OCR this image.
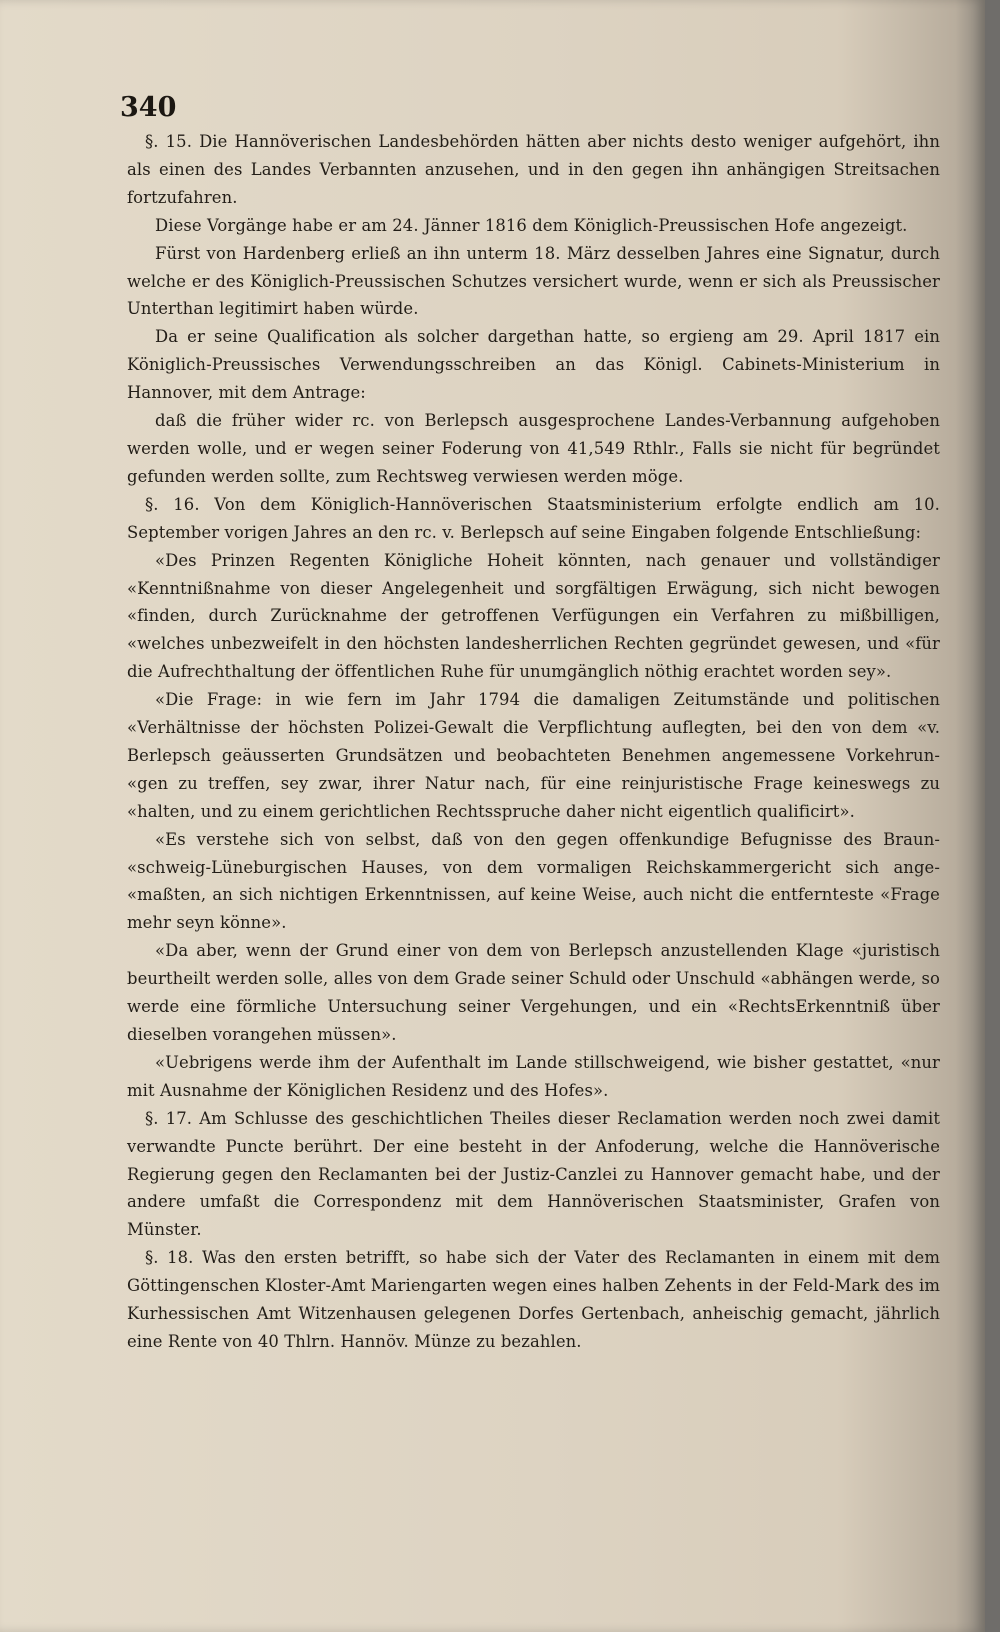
340

§. 15. Die Hannöverischen Landesbehörden hätten aber nichts desto weniger aufgehört, ihn als einen des Landes Verbannten anzusehen, und in den gegen ihn anhängigen Streitsachen fortzufahren.

Diese Vorgänge habe er am 24. Jänner 1816 dem Königlich-Preussischen Hofe angezeigt.

Fürst von Hardenberg erließ an ihn unterm 18. März desselben Jahres eine Signatur, durch welche er des Königlich-Preussischen Schutzes versichert wurde, wenn er sich als Preussischer Unterthan legitimirt haben würde.

Da er seine Qualification als solcher dargethan hatte, so ergieng am 29. April 1817 ein Königlich-Preussisches Verwendungsschreiben an das Königl. Cabinets-Ministerium in Hannover, mit dem Antrage:

daß die früher wider rc. von Berlepsch ausgesprochene Landes-Verbannung aufgehoben werden wolle, und er wegen seiner Foderung von 41,549 Rthlr., Falls sie nicht für begründet gefunden werden sollte, zum Rechtsweg verwiesen werden möge.

§. 16. Von dem Königlich-Hannöverischen Staatsministerium erfolgte endlich am 10. September vorigen Jahres an den rc. v. Berlepsch auf seine Eingaben folgende Entschließung:

«Des Prinzen Regenten Königliche Hoheit könnten, nach genauer und vollständiger «Kenntnißnahme von dieser Angelegenheit und sorgfältigen Erwägung, sich nicht bewogen «finden, durch Zurücknahme der getroffenen Verfügungen ein Verfahren zu mißbilligen, «welches unbezweifelt in den höchsten landesherrlichen Rechten gegründet gewesen, und «für die Aufrechthaltung der öffentlichen Ruhe für unumgänglich nöthig erachtet worden sey».

«Die Frage: in wie fern im Jahr 1794 die damaligen Zeitumstände und politischen «Verhältnisse der höchsten Polizei-Gewalt die Verpflichtung auflegten, bei den von dem «v. Berlepsch geäusserten Grundsätzen und beobachteten Benehmen angemessene Vorkehrun- «gen zu treffen, sey zwar, ihrer Natur nach, für eine reinjuristische Frage keineswegs zu «halten, und zu einem gerichtlichen Rechtsspruche daher nicht eigentlich qualificirt».

«Es verstehe sich von selbst, daß von den gegen offenkundige Befugnisse des Braun- «schweig-Lüneburgischen Hauses, von dem vormaligen Reichskammergericht sich ange- «maßten, an sich nichtigen Erkenntnissen, auf keine Weise, auch nicht die entfernteste «Frage mehr seyn könne».

«Da aber, wenn der Grund einer von dem von Berlepsch anzustellenden Klage «juristisch beurtheilt werden solle, alles von dem Grade seiner Schuld oder Unschuld «abhängen werde, so werde eine förmliche Untersuchung seiner Vergehungen, und ein «RechtsErkenntniß über dieselben vorangehen müssen».

«Uebrigens werde ihm der Aufenthalt im Lande stillschweigend, wie bisher gestattet, «nur mit Ausnahme der Königlichen Residenz und des Hofes».

§. 17. Am Schlusse des geschichtlichen Theiles dieser Reclamation werden noch zwei damit verwandte Puncte berührt. Der eine besteht in der Anfoderung, welche die Hannöverische Regierung gegen den Reclamanten bei der Justiz-Canzlei zu Hannover gemacht habe, und der andere umfaßt die Correspondenz mit dem Hannöverischen Staatsminister, Grafen von Münster.

§. 18. Was den ersten betrifft, so habe sich der Vater des Reclamanten in einem mit dem Göttingenschen Kloster-Amt Mariengarten wegen eines halben Zehents in der Feld-Mark des im Kurhessischen Amt Witzenhausen gelegenen Dorfes Gertenbach, anheischig gemacht, jährlich eine Rente von 40 Thlrn. Hannöv. Münze zu bezahlen.
